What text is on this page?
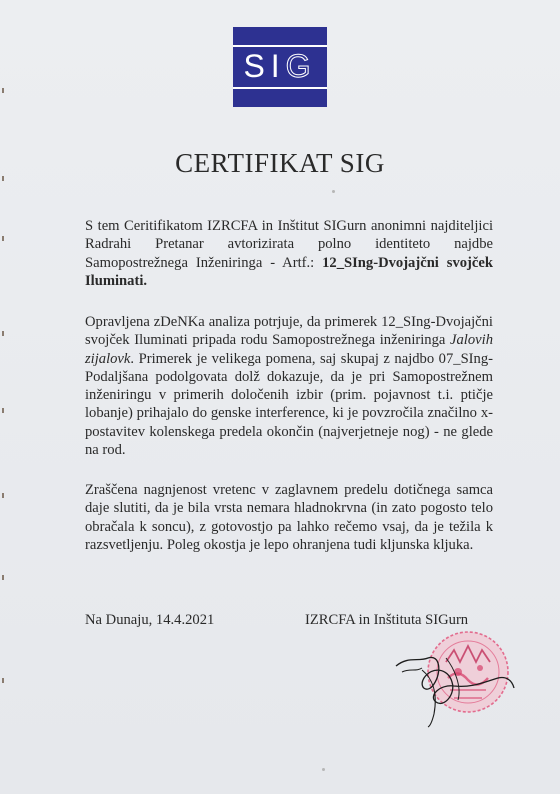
SIG
CERTIFIKAT SIG
S tem Ceritifikatom IZRCFA in Inštitut SIGurn anonimni najditeljici Radrahi Pretanar avtorizirata polno identiteto najdbe Samopostrežnega Inženiringa - Artf.: 12_SIng-Dvojajčni svojček Iluminati.
Opravljena zDeNKa analiza potrjuje, da primerek 12_SIng-Dvojajčni svojček Iluminati pripada rodu Samopostrežnega inženiringa Jalovih zijalovk. Primerek je velikega pomena, saj skupaj z najdbo 07_SIng-Podaljšana podolgovata dolž dokazuje, da je pri Samopostrežnem inženiringu v primerih določenih izbir (prim. pojavnost t.i. ptičje lobanje) prihajalo do genske interference, ki je povzročila značilno x-postavitev kolenskega predela okončin (najverjetneje nog) - ne glede na rod.
Zraščena nagnjenost vretenc v zaglavnem predelu dotičnega samca daje slutiti, da je bila vrsta nemara hladnokrvna (in zato pogosto telo obračala k soncu), z gotovostjo pa lahko rečemo vsaj, da je težila k razsvetljenju. Poleg okostja je lepo ohranjena tudi kljunska kljuka.
Na Dunaju, 14.4.2021	IZRCFA in Inštituta SIGurn
